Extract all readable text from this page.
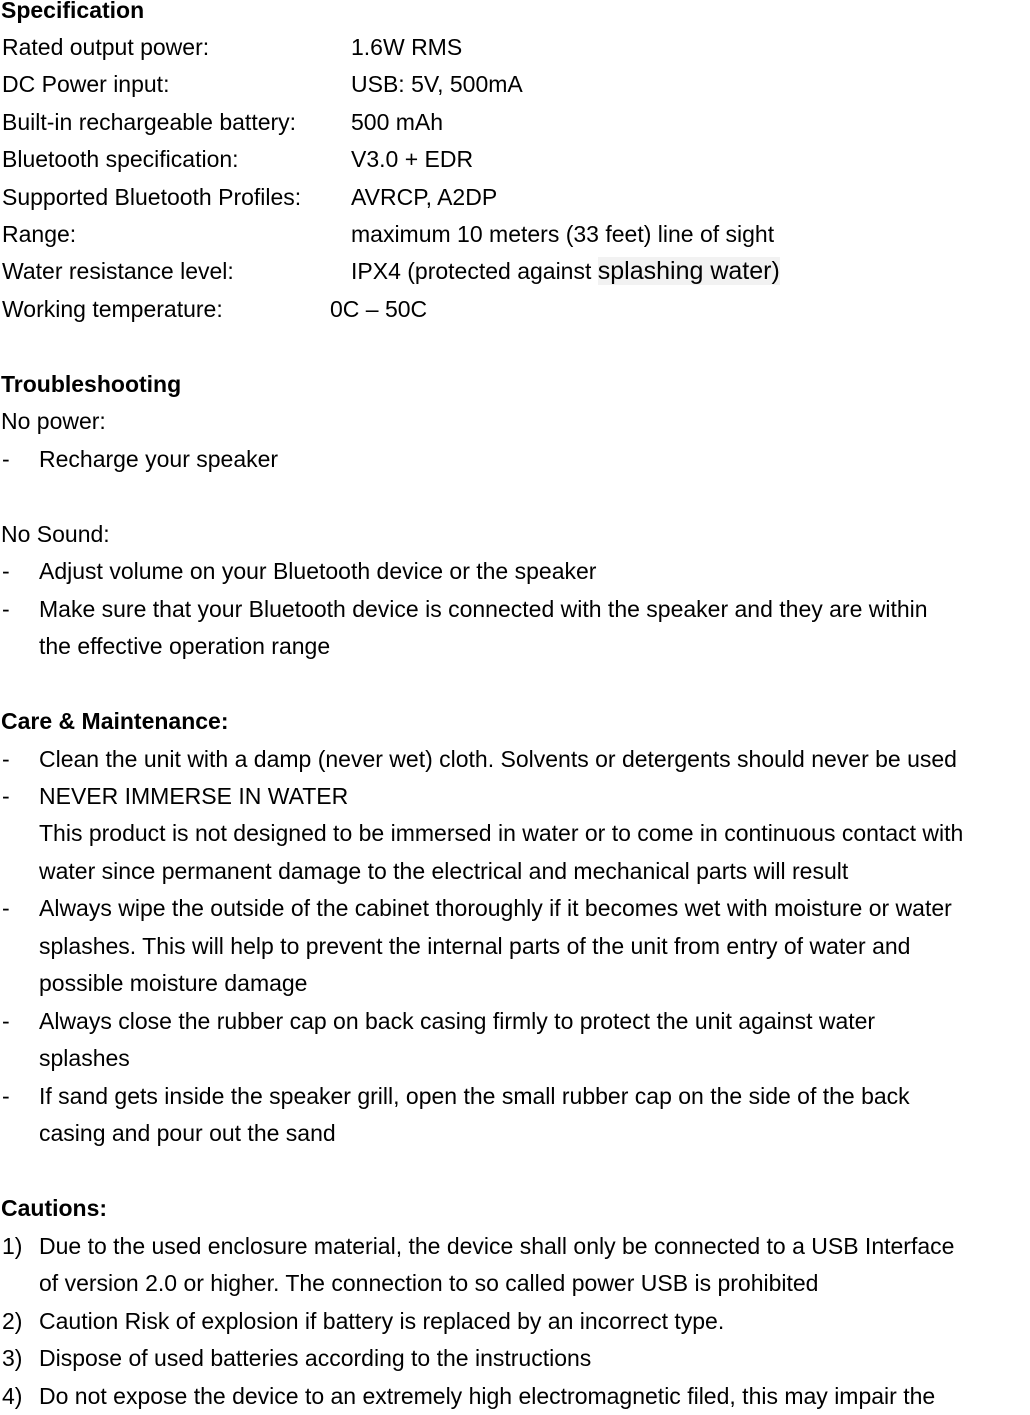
Specification
Rated output power:	1.6W RMS
DC Power input:	USB: 5V, 500mA
Built-in rechargeable battery: 500 mAh
Bluetooth specification:	V3.0 + EDR
Supported Bluetooth Profiles: AVRCP, A2DP
Range:	maximum 10 meters (33 feet) line of sight
Water resistance level:	IPX4 (protected against splashing water)
Working temperature:	0C – 50C
Troubleshooting
No power:
- Recharge your speaker
No Sound:
- Adjust volume on your Bluetooth device or the speaker
- Make sure that your Bluetooth device is connected with the speaker and they are within
the effective operation range
Care & Maintenance:
- Clean the unit with a damp (never wet) cloth. Solvents or detergents should never be used
- NEVER IMMERSE IN WATER
This product is not designed to be immersed in water or to come in continuous contact with
water since permanent damage to the electrical and mechanical parts will result
- Always wipe the outside of the cabinet thoroughly if it becomes wet with moisture or water
splashes. This will help to prevent the internal parts of the unit from entry of water and
possible moisture damage
- Always close the rubber cap on back casing firmly to protect the unit against water
splashes
- If sand gets inside the speaker grill, open the small rubber cap on the side of the back
casing and pour out the sand
Cautions:
1) Due to the used enclosure material, the device shall only be connected to a USB Interface
of version 2.0 or higher. The connection to so called power USB is prohibited
2) Caution Risk of explosion if battery is replaced by an incorrect type.
3) Dispose of used batteries according to the instructions
4) Do not expose the device to an extremely high electromagnetic filed, this may impair the
